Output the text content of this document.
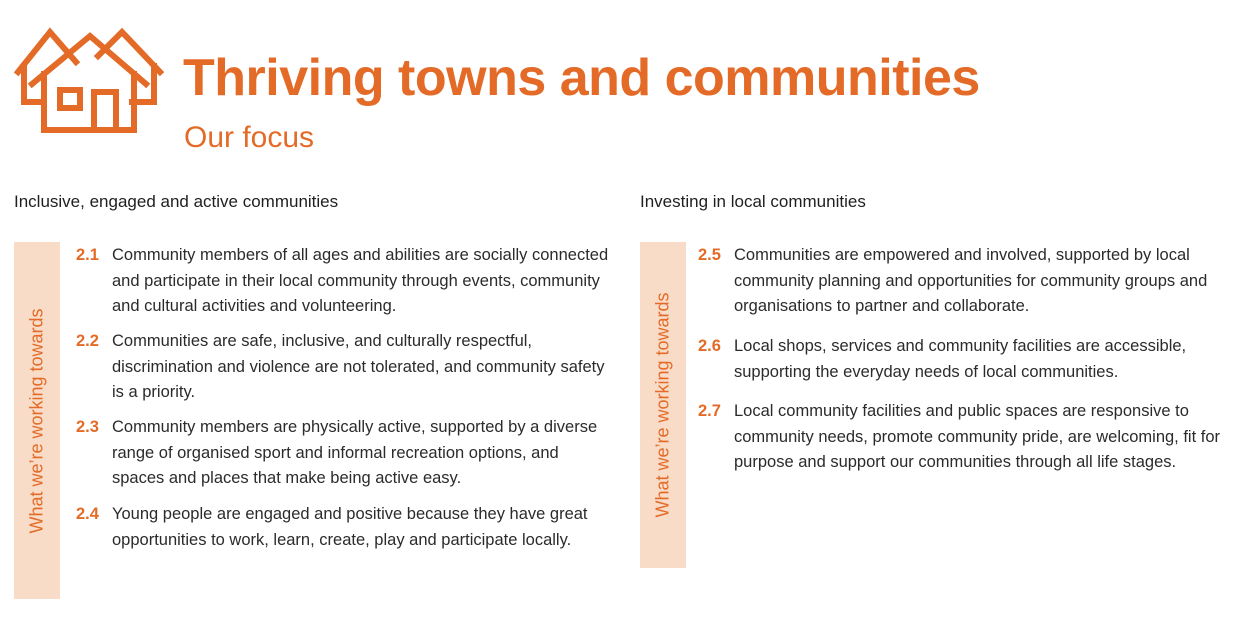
Thriving towns and communities
Our focus
Inclusive, engaged and active communities
What we’re working towards
2.1 Community members of all ages and abilities are socially connected and participate in their local community through events, community and cultural activities and volunteering.
2.2 Communities are safe, inclusive, and culturally respectful, discrimination and violence are not tolerated, and community safety is a priority.
2.3 Community members are physically active, supported by a diverse range of organised sport and informal recreation options, and spaces and places that make being active easy.
2.4 Young people are engaged and positive because they have great opportunities to work, learn, create, play and participate locally.
Investing in local communities
What we’re working towards
2.5 Communities are empowered and involved, supported by local community planning and opportunities for community groups and organisations to partner and collaborate.
2.6 Local shops, services and community facilities are accessible, supporting the everyday needs of local communities.
2.7 Local community facilities and public spaces are responsive to community needs, promote community pride, are welcoming, fit for purpose and support our communities through all life stages.
